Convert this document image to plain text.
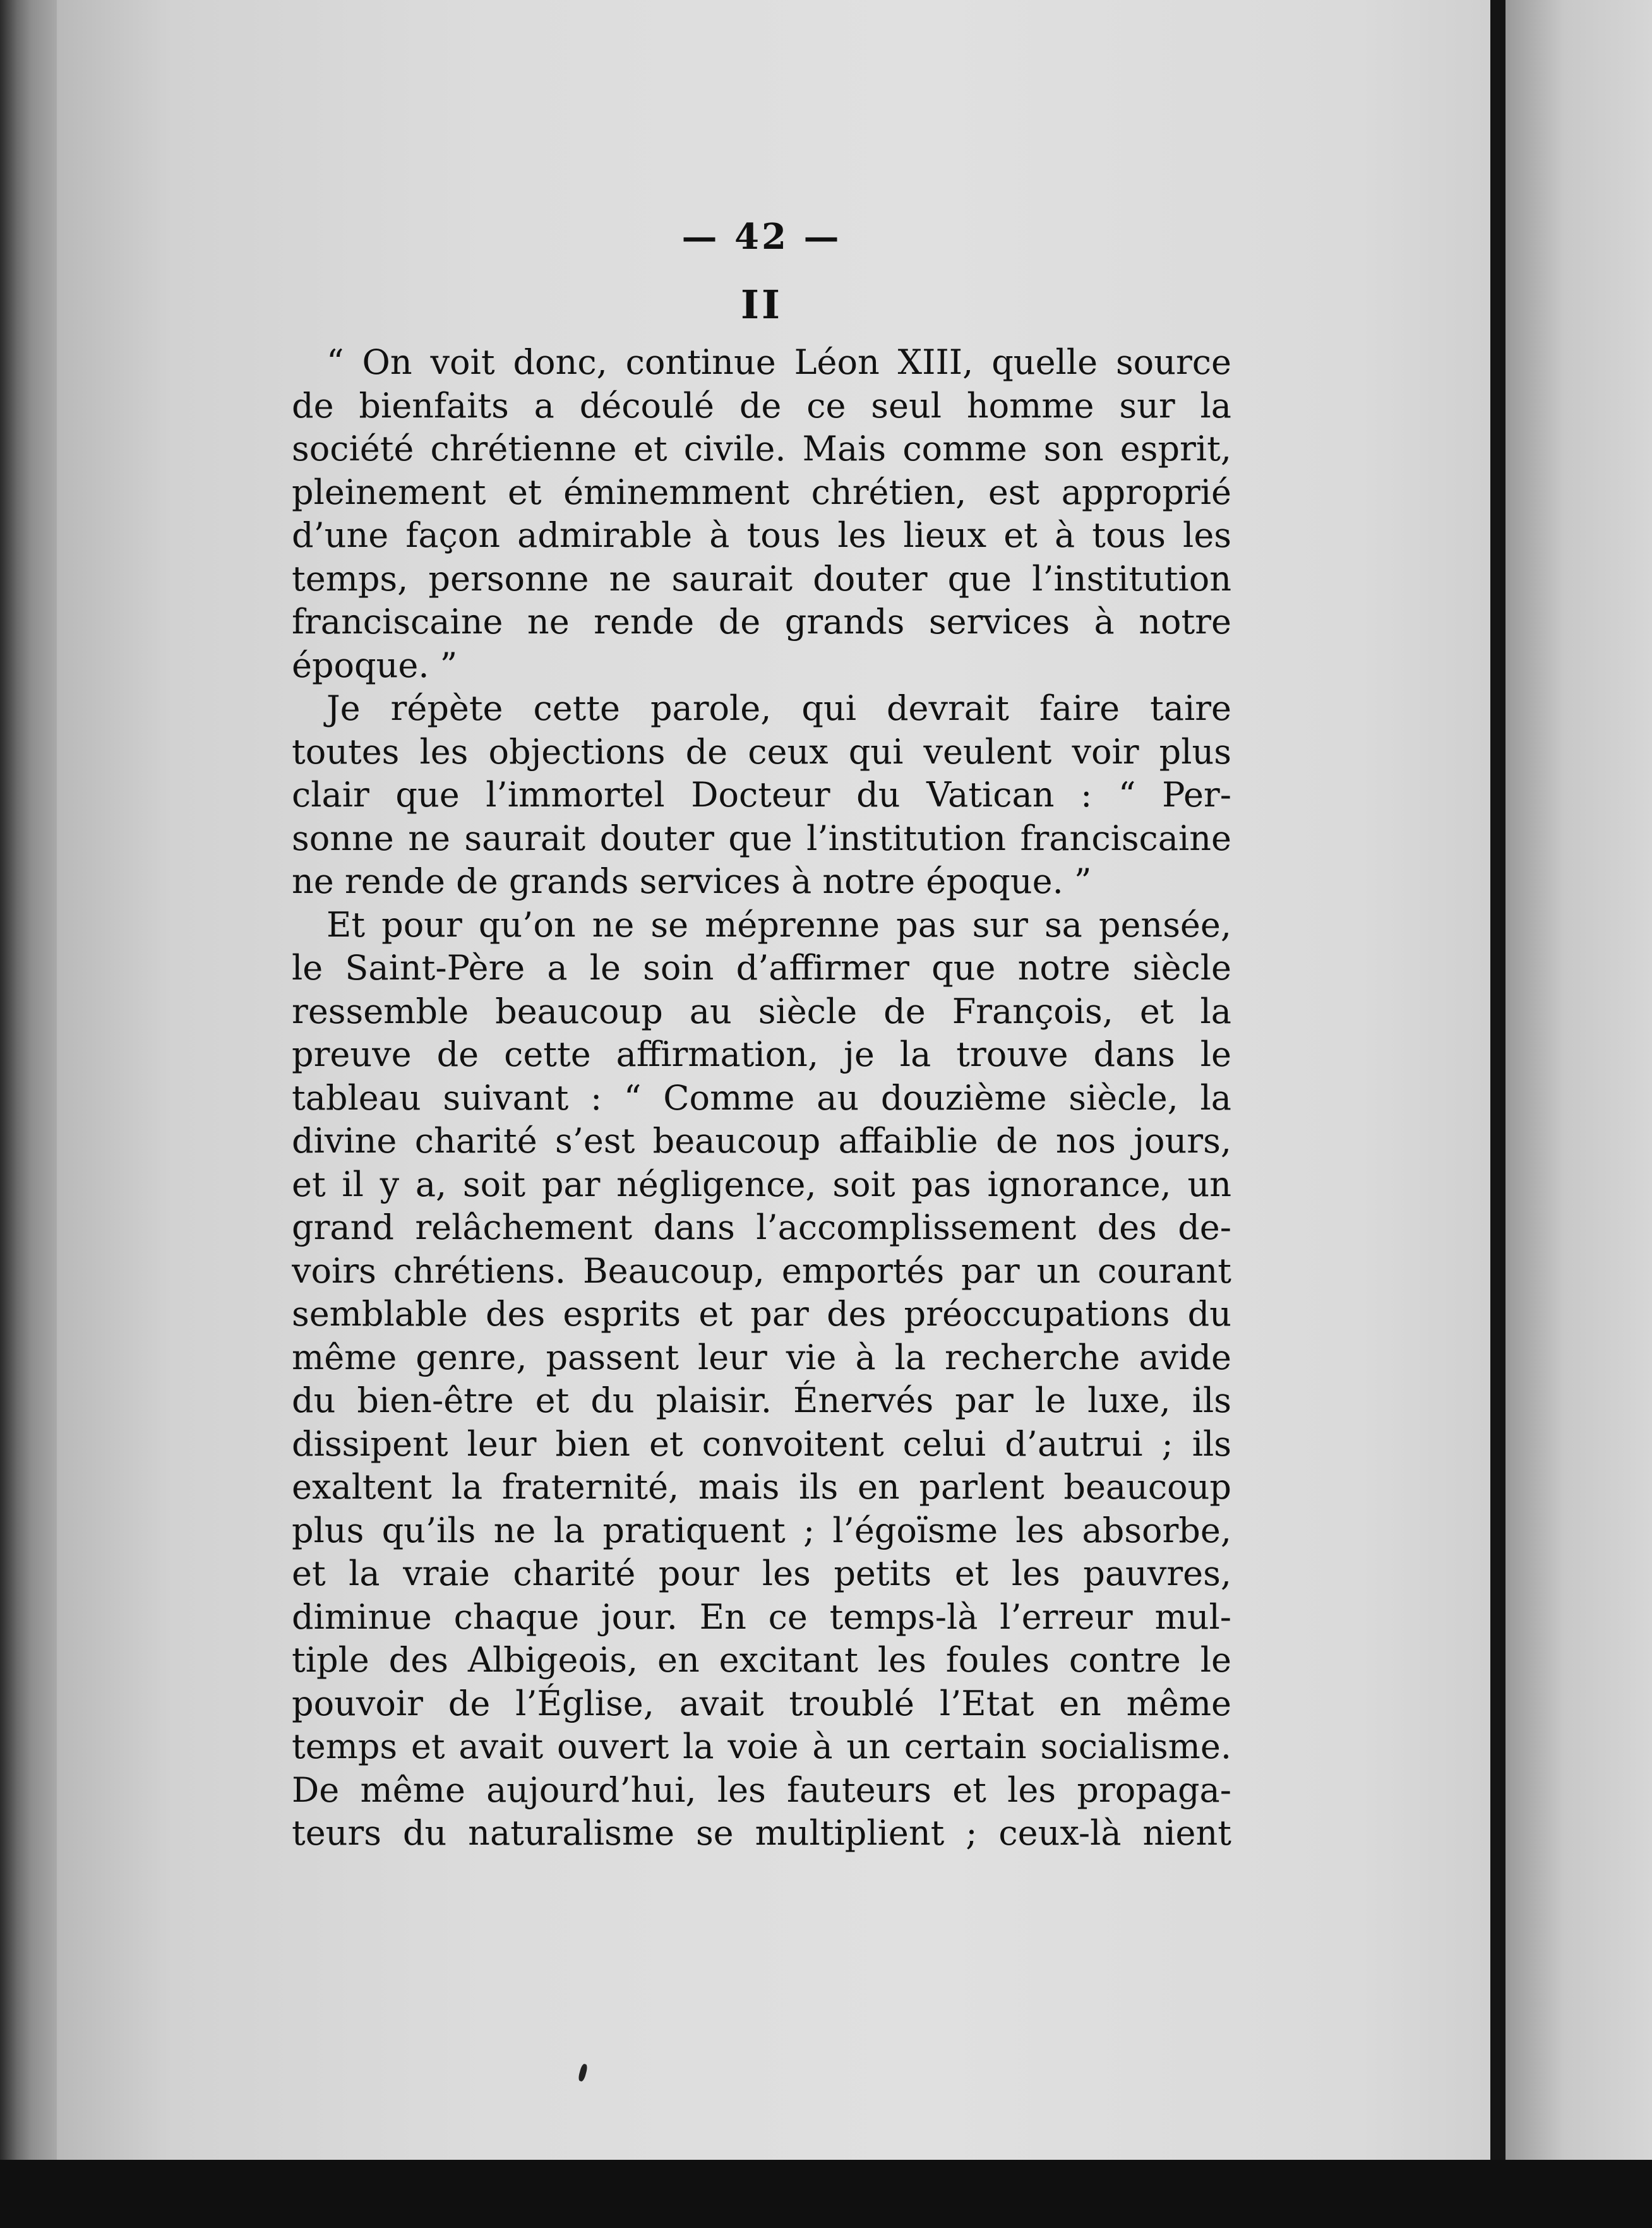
— 42 —

II

“ On voit donc, continue Léon XIII, quelle source
de bienfaits a découlé de ce seul homme sur la
société chrétienne et civile. Mais comme son esprit,
pleinement et éminemment chrétien, est approprié
d’une façon admirable à tous les lieux et à tous les
temps, personne ne saurait douter que l’institution
franciscaine ne rende de grands services à notre
époque. ”
Je répète cette parole, qui devrait faire taire
toutes les objections de ceux qui veulent voir plus
clair que l’immortel Docteur du Vatican : “ Per-
sonne ne saurait douter que l’institution franciscaine
ne rende de grands services à notre époque. ”
Et pour qu’on ne se méprenne pas sur sa pensée,
le Saint-Père a le soin d’affirmer que notre siècle
ressemble beaucoup au siècle de François, et la
preuve de cette affirmation, je la trouve dans le
tableau suivant : “ Comme au douzième siècle, la
divine charité s’est beaucoup affaiblie de nos jours,
et il y a, soit par négligence, soit pas ignorance, un
grand relâchement dans l’accomplissement des de-
voirs chrétiens. Beaucoup, emportés par un courant
semblable des esprits et par des préoccupations du
même genre, passent leur vie à la recherche avide
du bien-être et du plaisir. Énervés par le luxe, ils
dissipent leur bien et convoitent celui d’autrui ; ils
exaltent la fraternité, mais ils en parlent beaucoup
plus qu’ils ne la pratiquent ; l’égoïsme les absorbe,
et la vraie charité pour les petits et les pauvres,
diminue chaque jour. En ce temps-là l’erreur mul-
tiple des Albigeois, en excitant les foules contre le
pouvoir de l’Église, avait troublé l’Etat en même
temps et avait ouvert la voie à un certain socialisme.
De même aujourd’hui, les fauteurs et les propaga-
teurs du naturalisme se multiplient ; ceux-là nient
